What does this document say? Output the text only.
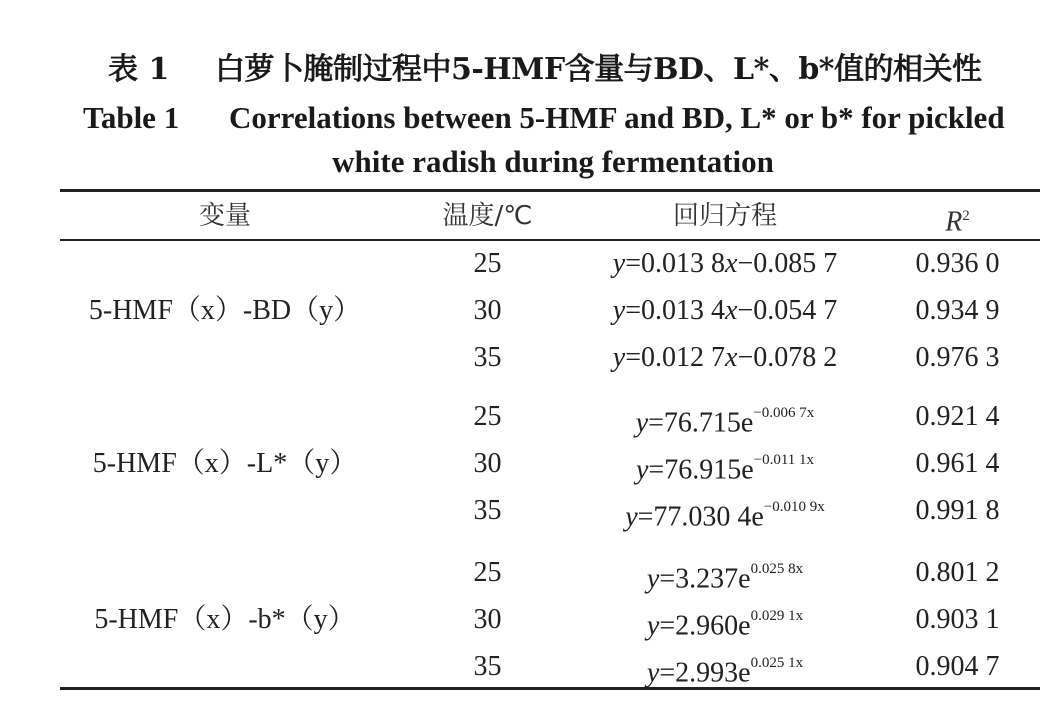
表 1 白萝卜腌制过程中5-HMF含量与BD、L*、b*值的相关性
Table 1 Correlations between 5-HMF and BD, L* or b* for pickled
white radish during fermentation
变量	温度/℃	回归方程	$R^2$
5-HMF（x）-BD（y）
25	y=0.013 8x−0.085 7	0.936 0
30	y=0.013 4x−0.054 7	0.934 9
35	y=0.012 7x−0.078 2	0.976 3
5-HMF（x）-L*（y）
25	$y=76.715e^{-0.006 7x}$	0.921 4
30	$y=76.915e^{-0.011 1x}$	0.961 4
35	y=77.030 $4e^{-0.010 9x}$	0.991 8
5-HMF（x）-b*（y）
25	$y=3.237e^{0.025 8x}$	0.801 2
30	$y=2.960e^{0.029 1x}$	0.903 1
35	$y=2.993e^{0.025 1x}$	0.904 7
